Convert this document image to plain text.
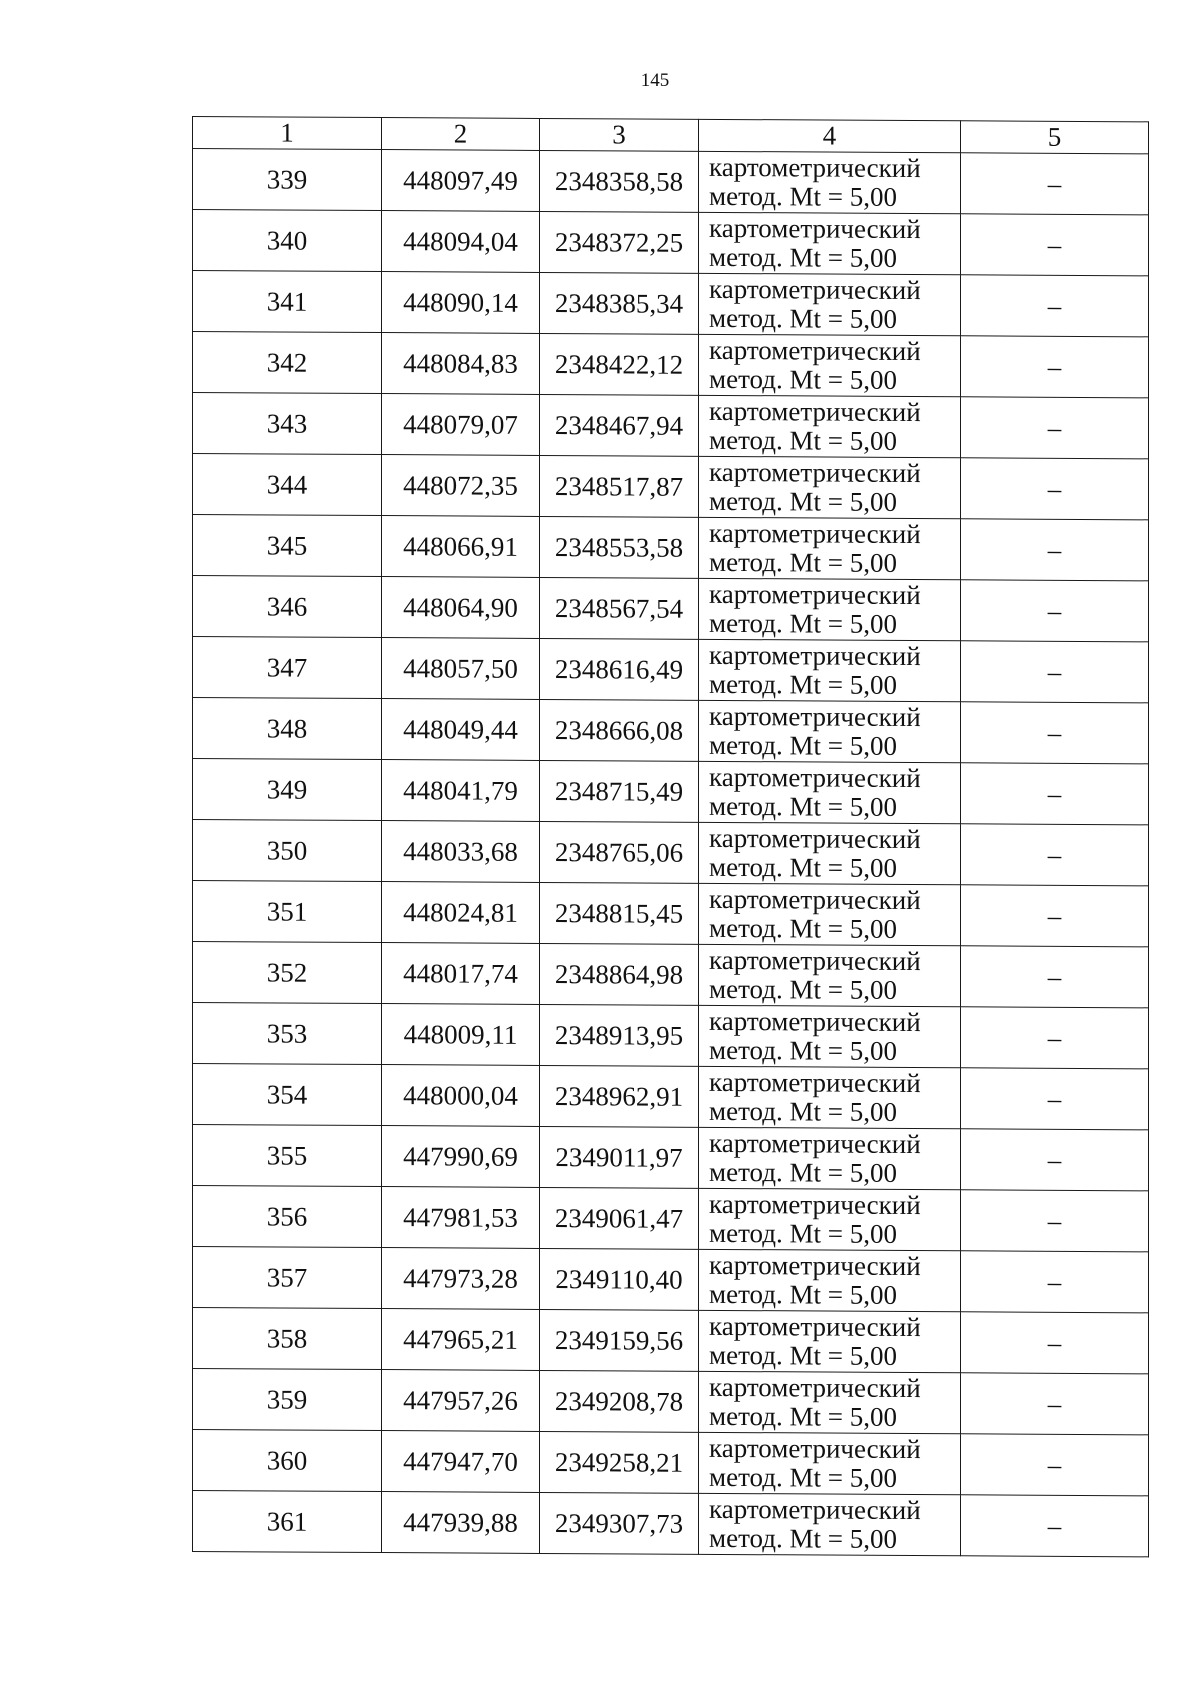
145
1	2	3	4	5
339	448097,49	2348358,58	картометрический
метод. Mt = 5,00	–
340	448094,04	2348372,25	картометрический
метод. Mt = 5,00	–
341	448090,14	2348385,34	картометрический
метод. Mt = 5,00	–
342	448084,83	2348422,12	картометрический
метод. Mt = 5,00	–
343	448079,07	2348467,94	картометрический
метод. Mt = 5,00	–
344	448072,35	2348517,87	картометрический
метод. Mt = 5,00	–
345	448066,91	2348553,58	картометрический
метод. Mt = 5,00	–
346	448064,90	2348567,54	картометрический
метод. Mt = 5,00	–
347	448057,50	2348616,49	картометрический
метод. Mt = 5,00	–
348	448049,44	2348666,08	картометрический
метод. Mt = 5,00	–
349	448041,79	2348715,49	картометрический
метод. Mt = 5,00	–
350	448033,68	2348765,06	картометрический
метод. Mt = 5,00	–
351	448024,81	2348815,45	картометрический
метод. Mt = 5,00	–
352	448017,74	2348864,98	картометрический
метод. Mt = 5,00	–
353	448009,11	2348913,95	картометрический
метод. Mt = 5,00	–
354	448000,04	2348962,91	картометрический
метод. Mt = 5,00	–
355	447990,69	2349011,97	картометрический
метод. Mt = 5,00	–
356	447981,53	2349061,47	картометрический
метод. Mt = 5,00	–
357	447973,28	2349110,40	картометрический
метод. Mt = 5,00	–
358	447965,21	2349159,56	картометрический
метод. Mt = 5,00	–
359	447957,26	2349208,78	картометрический
метод. Mt = 5,00	–
360	447947,70	2349258,21	картометрический
метод. Mt = 5,00	–
361	447939,88	2349307,73	картометрический
метод. Mt = 5,00	–
